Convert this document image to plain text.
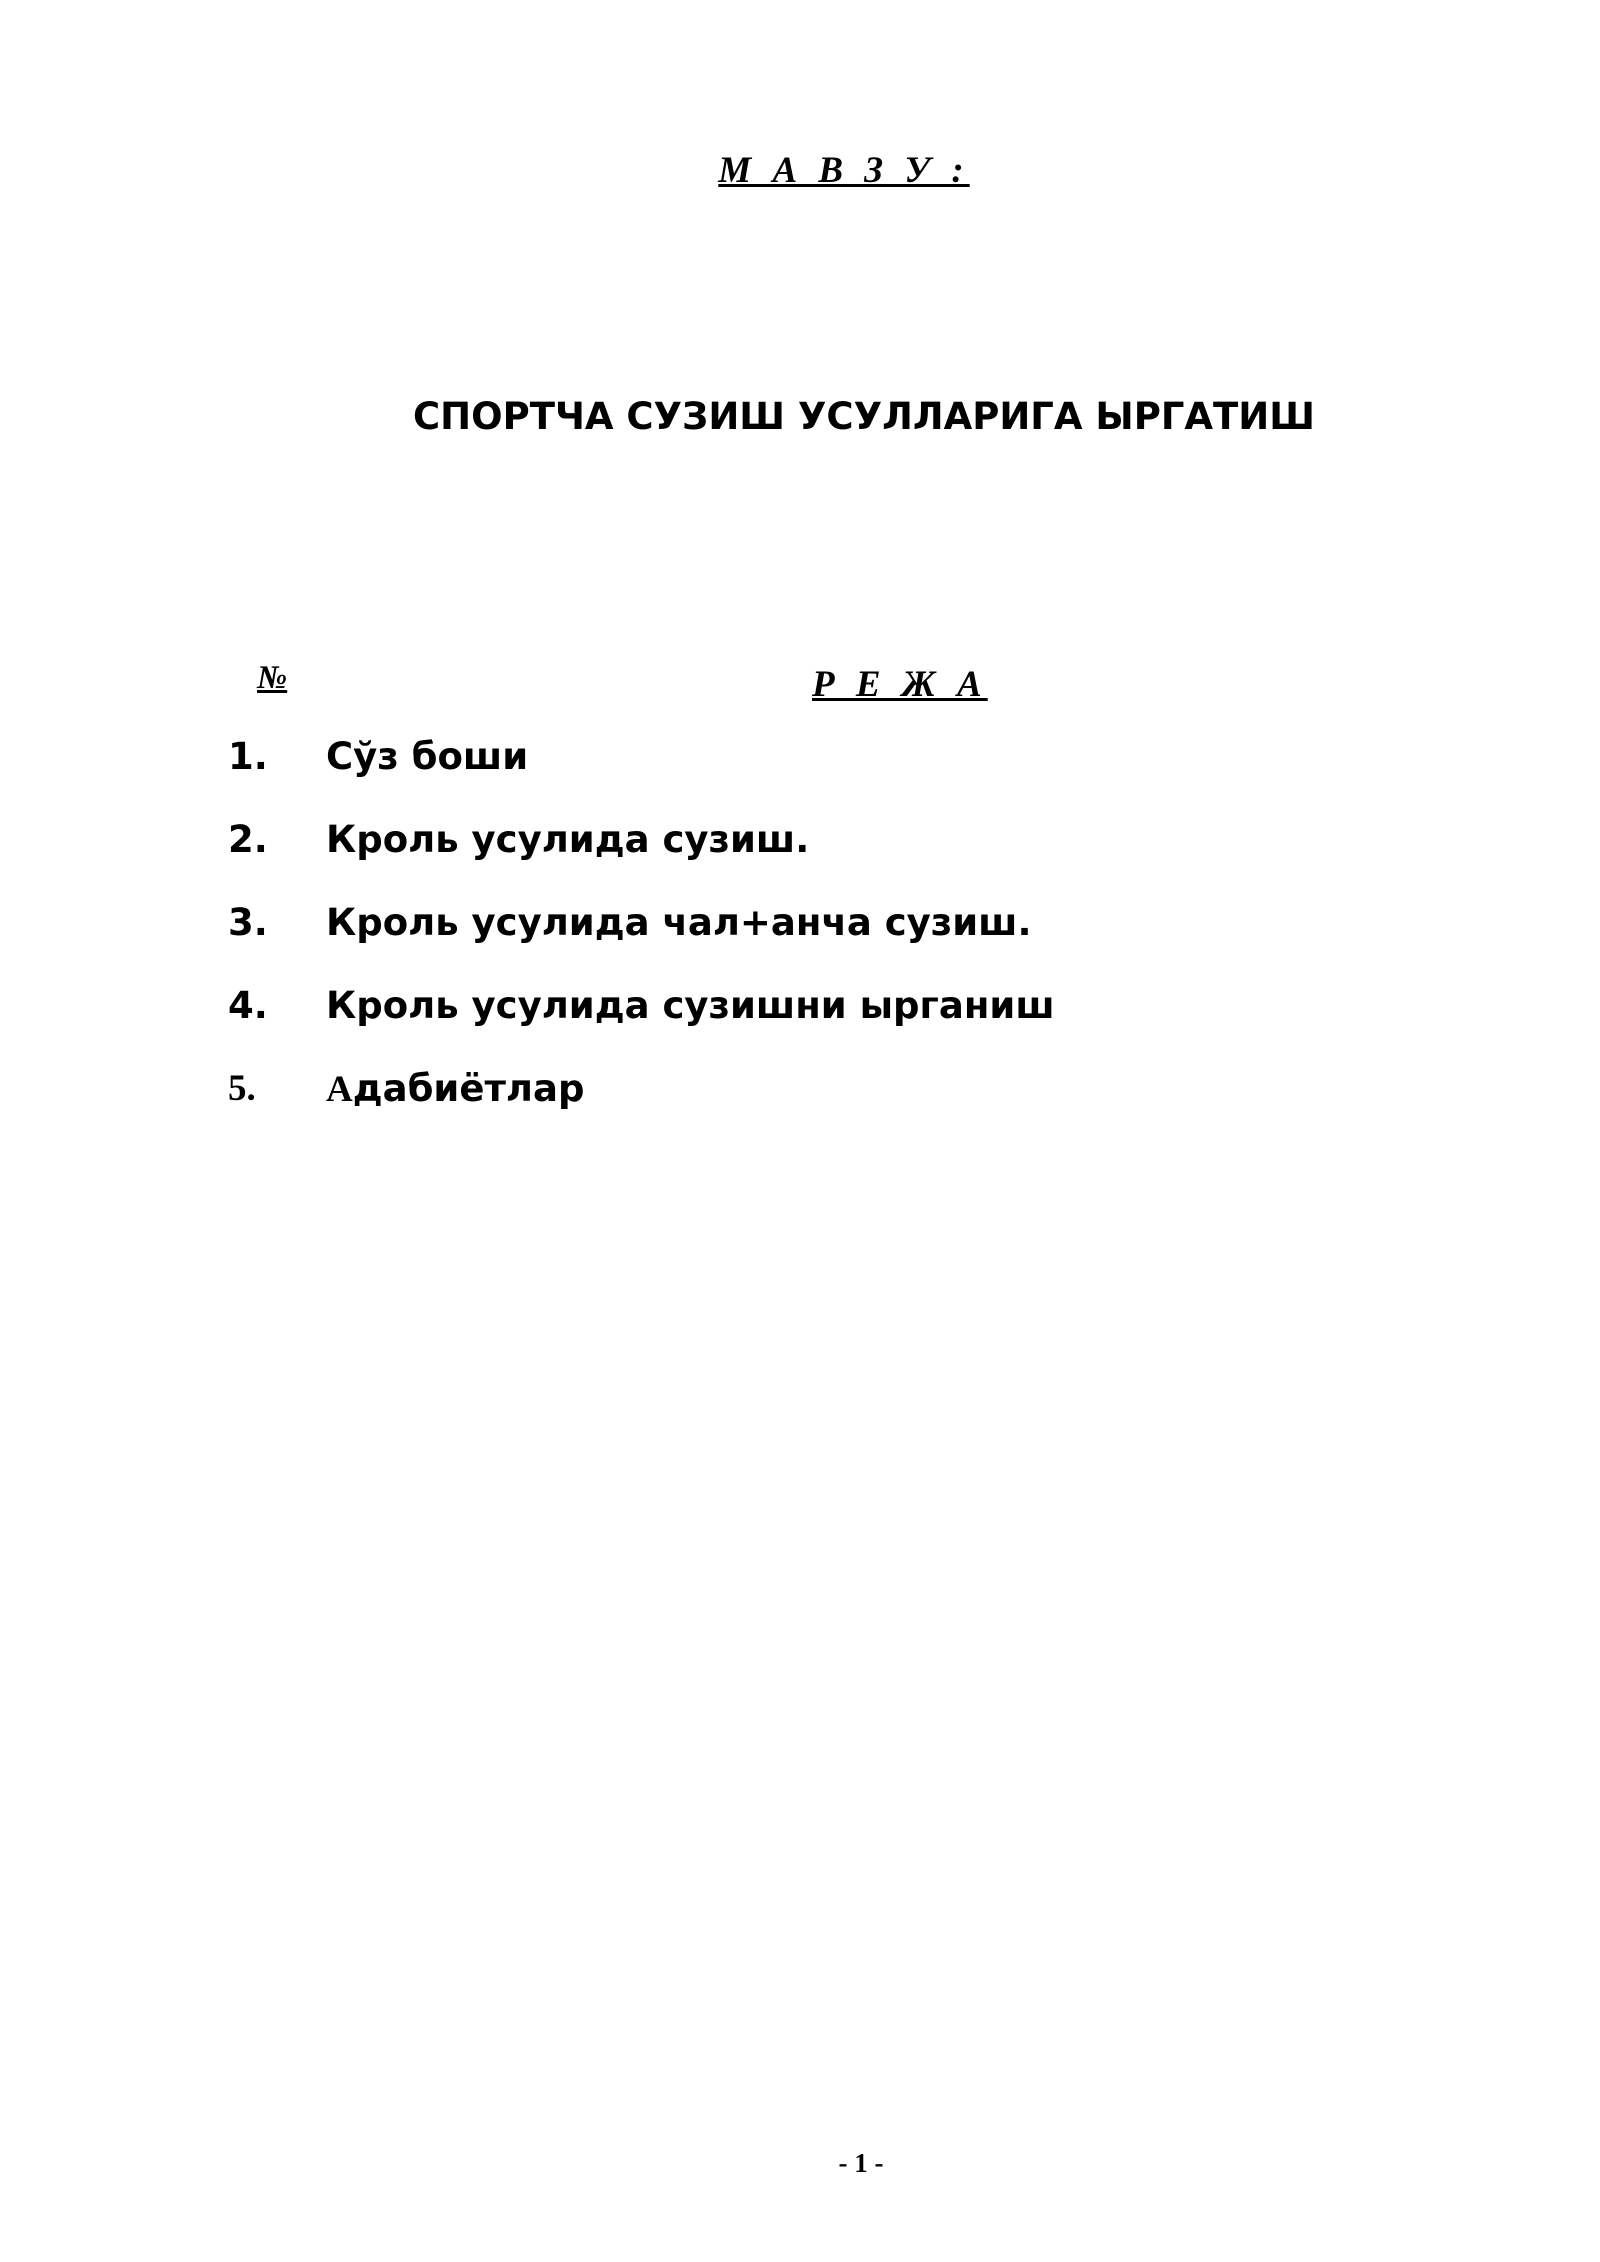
М А В З У :
СПОРТЧА СУЗИШ УСУЛЛАРИГА ЫРГАТИШ
№	Р Е Ж А
1.	Сўз боши
2.	Кроль усулида сузиш.
3.	Кроль усулида чал+анча сузиш.
4.	Кроль усулида сузишни ырганиш
5.	Адабиётлар
- 1 -
